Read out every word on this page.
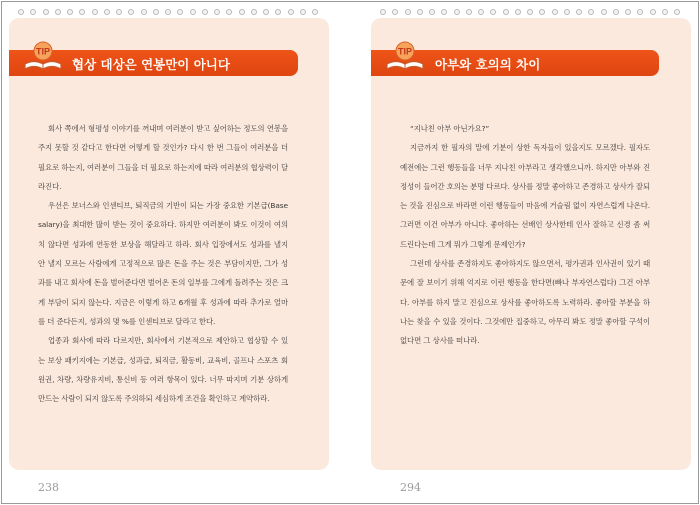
협상 대상은 연봉만이 아니다
TIP

회사 쪽에서 형평성 이야기를 꺼내며 여러분이 받고 싶어하는 정도의 연봉을 주지 못할 것 같다고 한다면 어떻게 할 것인가? 다시 한 번 그들이 여러분을 더 필요로 하는지, 여러분이 그들을 더 필요로 하는지에 따라 여러분의 협상력이 달라진다.

우선은 보너스와 인센티브, 퇴직금의 기반이 되는 가장 중요한 기본급(Base salary)을 최대한 많이 받는 것이 중요하다. 하지만 여러분이 봐도 이것이 여의치 않다면 성과에 연동한 보상을 해달라고 하라. 회사 입장에서도 성과를 낼지 안 낼지 모르는 사람에게 고정적으로 많은 돈을 주는 것은 부담이지만, 그가 성과를 내고 회사에 돈을 벌어준다면 벌어온 돈의 일부를 그에게 돌려주는 것은 크게 부담이 되지 않는다. 지금은 이렇게 하고 6개월 후 성과에 따라 추가로 얼마를 더 준다든지, 성과의 몇 %를 인센티브로 달라고 한다.

업종과 회사에 따라 다르지만, 회사에서 기본적으로 제안하고 협상할 수 있는 보상 패키지에는 기본급, 성과급, 퇴직금, 활동비, 교육비, 골프나 스포츠 회원권, 차량, 차량유지비, 통신비 등 여러 항목이 있다. 너무 따지며 기분 상하게 만드는 사람이 되지 않도록 주의하되 세심하게 조건을 확인하고 계약하라.

238
아부와 호의의 차이
TIP

“지나친 아부 아닌가요?”

지금까지 한 필자의 말에 기분이 상한 독자들이 있을지도 모르겠다. 필자도 예전에는 그런 행동들을 너무 지나친 아부라고 생각했으니까. 하지만 아부와 진정성이 들어간 호의는 분명 다르다. 상사를 정말 좋아하고 존경하고 상사가 잘되는 것을 진심으로 바라면 이런 행동들이 마음에 거슬림 없이 자연스럽게 나온다. 그러면 이건 아부가 아니다. 좋아하는 선배인 상사한테 인사 잘하고 신경 좀 써드린다는데 그게 뭐가 그렇게 문제인가?

그런데 상사를 존경하지도 좋아하지도 않으면서, 평가권과 인사권이 있기 때문에 잘 보이기 위해 억지로 이런 행동을 한다면(빠나 부자연스럽다) 그건 아부다. 아부를 하지 말고 진심으로 상사를 좋아하도록 노력하라. 좋아할 부분을 하나는 찾을 수 있을 것이다. 그것에만 집중하고, 아무리 봐도 정말 좋아할 구석이 없다면 그 상사를 떠나라.

294
